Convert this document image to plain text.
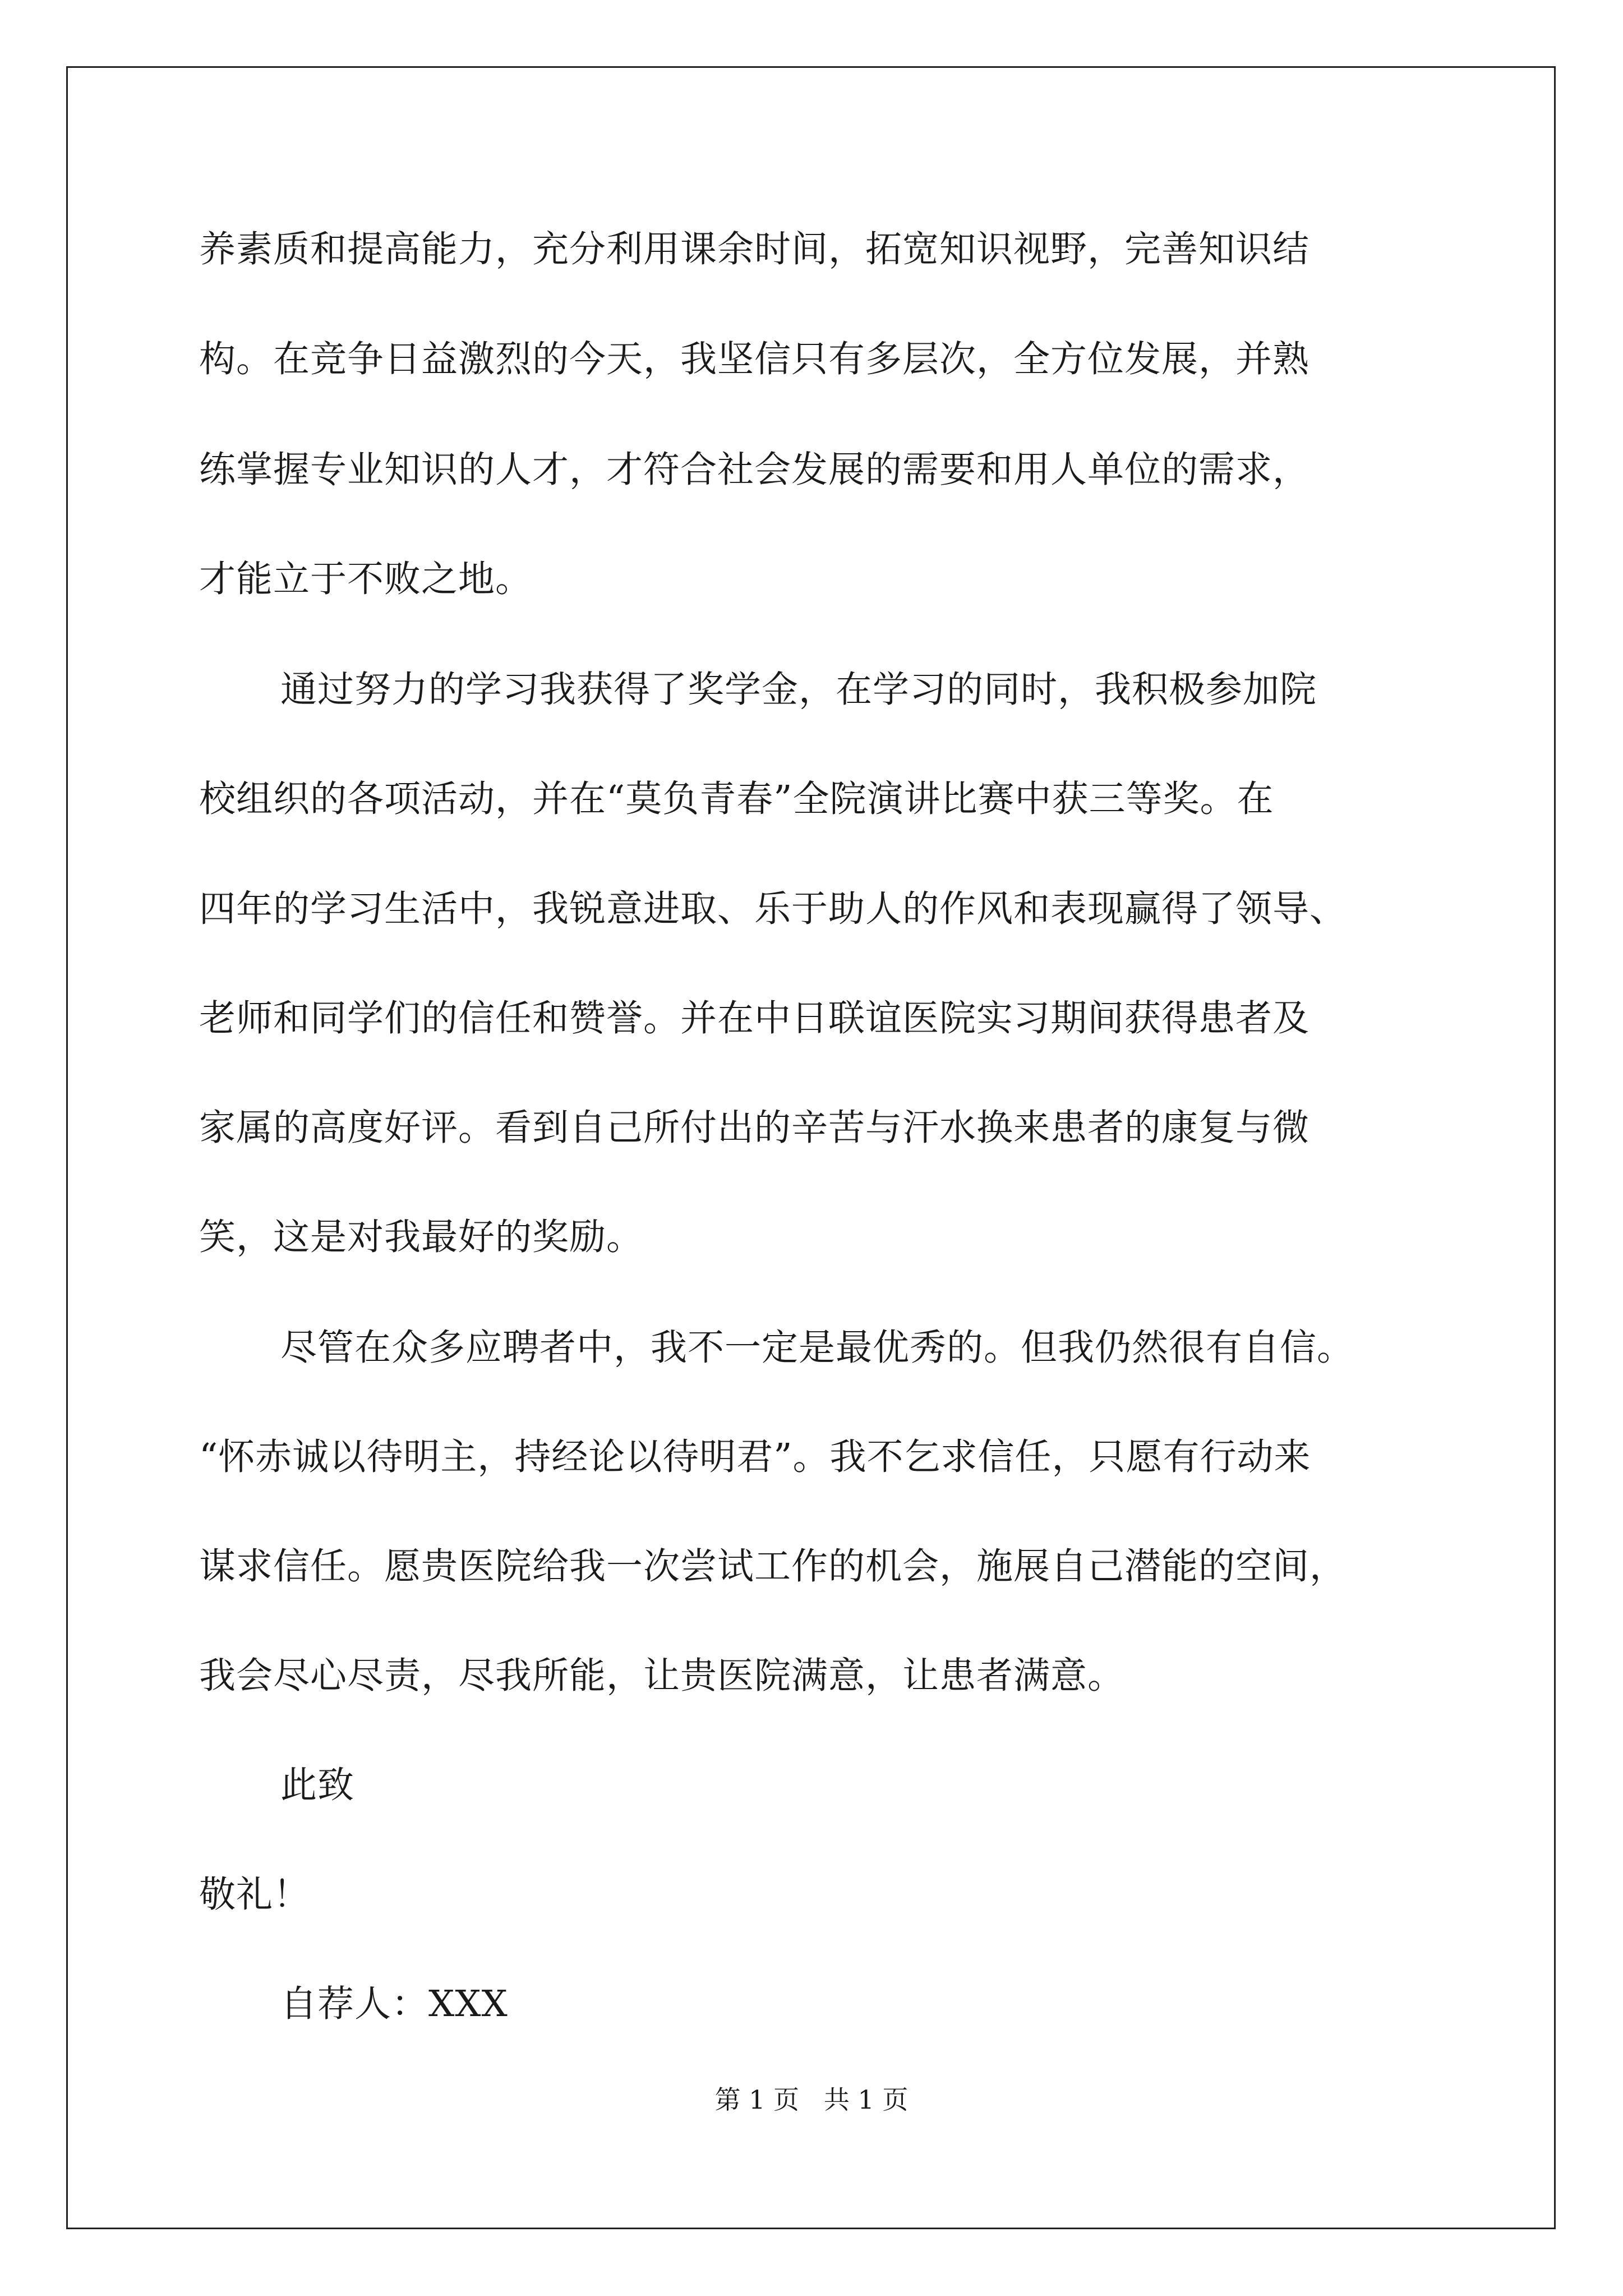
养素质和提高能力，充分利用课余时间，拓宽知识视野，完善知识结
构。在竞争日益激烈的今天，我坚信只有多层次，全方位发展，并熟
练掌握专业知识的人才，才符合社会发展的需要和用人单位的需求，
才能立于不败之地。
通过努力的学习我获得了奖学金，在学习的同时，我积极参加院
校组织的各项活动，并在“莫负青春”全院演讲比赛中获三等奖。在
四年的学习生活中，我锐意进取、乐于助人的作风和表现赢得了领导、
老师和同学们的信任和赞誉。并在中日联谊医院实习期间获得患者及
家属的高度好评。看到自己所付出的辛苦与汗水换来患者的康复与微
笑，这是对我最好的奖励。
尽管在众多应聘者中，我不一定是最优秀的。但我仍然很有自信。
“怀赤诚以待明主，持经论以待明君”。我不乞求信任，只愿有行动来
谋求信任。愿贵医院给我一次尝试工作的机会，施展自己潜能的空间，
我会尽心尽责，尽我所能，让贵医院满意，让患者满意。
此致
敬礼！
自荐人：XXX
第 1 页   共 1 页
